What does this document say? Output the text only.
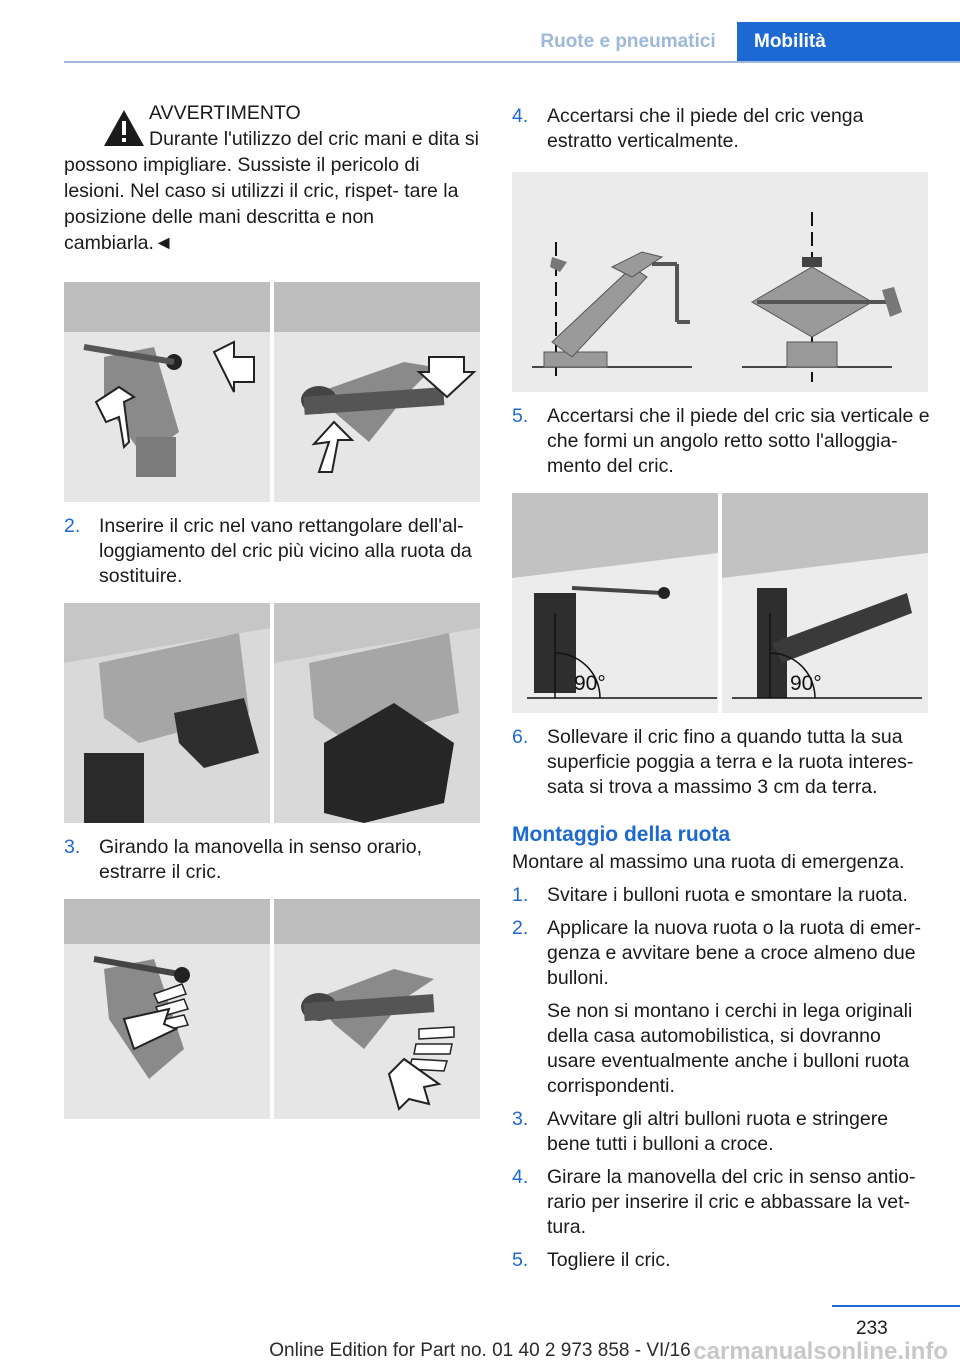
Ruote e pneumatici	Mobilità
AVVERTIMENTO
Durante l'utilizzo del cric mani e dita si possono impigliare. Sussiste il pericolo di lesioni. Nel caso si utilizzi il cric, rispet- tare la posizione delle mani descritta e non cambiarla.◄
2. Inserire il cric nel vano rettangolare dell'al- loggiamento del cric più vicino alla ruota da sostituire.
3. Girando la manovella in senso orario, estrarre il cric.
4. Accertarsi che il piede del cric venga estratto verticalmente.
5. Accertarsi che il piede del cric sia verticale e che formi un angolo retto sotto l'alloggia- mento del cric.
90°	90°
6. Sollevare il cric fino a quando tutta la sua superficie poggia a terra e la ruota interes- sata si trova a massimo 3 cm da terra.
Montaggio della ruota
Montare al massimo una ruota di emergenza.
1. Svitare i bulloni ruota e smontare la ruota.
2. Applicare la nuova ruota o la ruota di emer- genza e avvitare bene a croce almeno due bulloni.
Se non si montano i cerchi in lega originali della casa automobilistica, si dovranno usare eventualmente anche i bulloni ruota corrispondenti.
3. Avvitare gli altri bulloni ruota e stringere bene tutti i bulloni a croce.
4. Girare la manovella del cric in senso antio- rario per inserire il cric e abbassare la vet- tura.
5. Togliere il cric.
233
Online Edition for Part no. 01 40 2 973 858 - VI/16 carmanualsonline.info
